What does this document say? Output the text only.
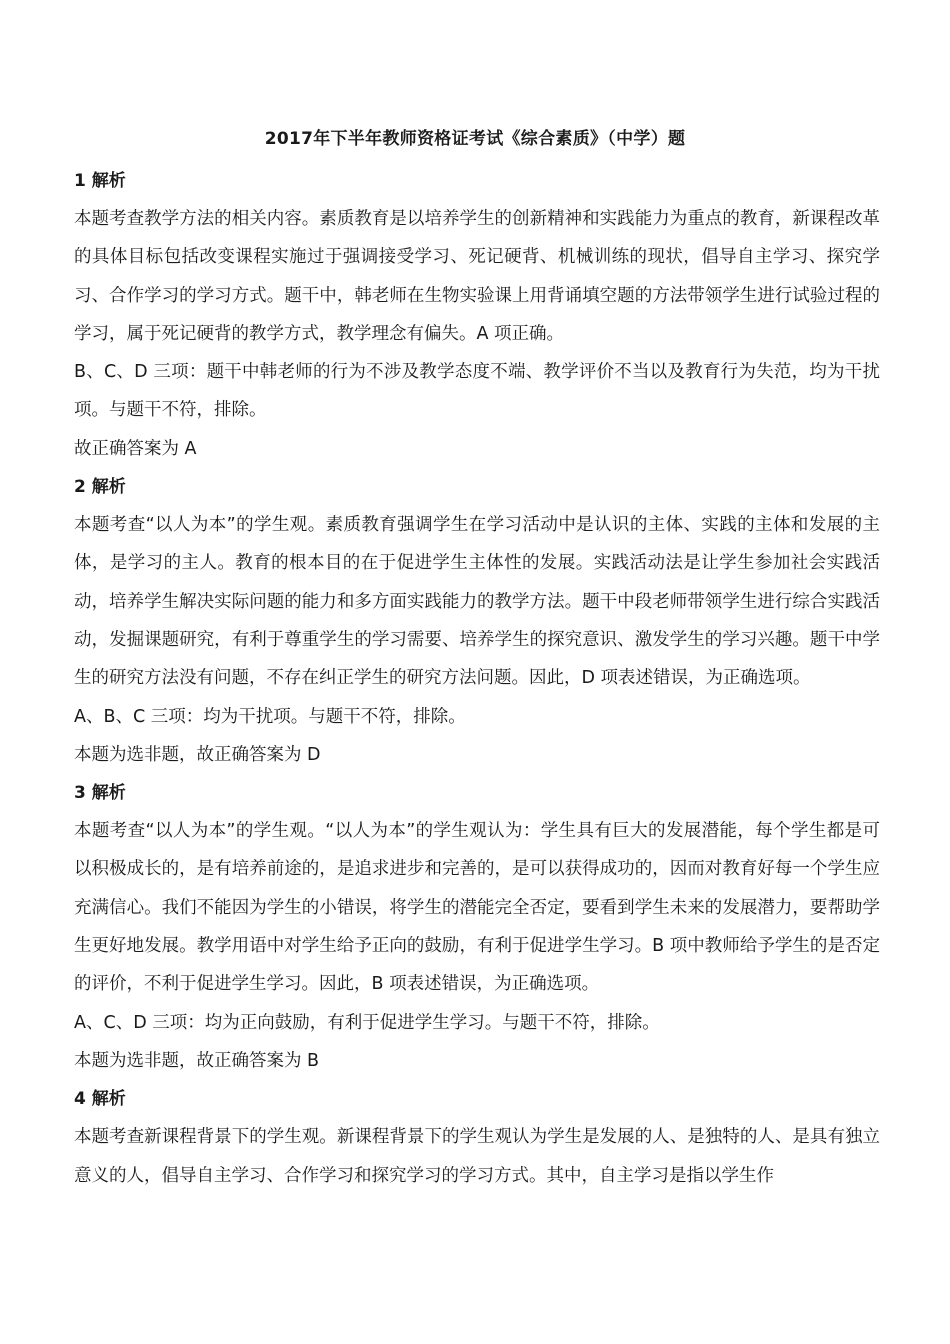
2017年下半年教师资格证考试《综合素质》（中学）题
1 解析

本题考查教学方法的相关内容。素质教育是以培养学生的创新精神和实践能力为重点的教育，新课程改革的具体目标包括改变课程实施过于强调接受学习、死记硬背、机械训练的现状，倡导自主学习、探究学习、合作学习的学习方式。题干中，韩老师在生物实验课上用背诵填空题的方法带领学生进行试验过程的学习，属于死记硬背的教学方式，教学理念有偏失。A 项正确。

B、C、D 三项：题干中韩老师的行为不涉及教学态度不端、教学评价不当以及教育行为失范，均为干扰项。与题干不符，排除。

故正确答案为 A

2 解析

本题考查“以人为本”的学生观。素质教育强调学生在学习活动中是认识的主体、实践的主体和发展的主体，是学习的主人。教育的根本目的在于促进学生主体性的发展。实践活动法是让学生参加社会实践活动，培养学生解决实际问题的能力和多方面实践能力的教学方法。题干中段老师带领学生进行综合实践活动，发掘课题研究，有利于尊重学生的学习需要、培养学生的探究意识、激发学生的学习兴趣。题干中学生的研究方法没有问题，不存在纠正学生的研究方法问题。因此，D 项表述错误，为正确选项。

A、B、C 三项：均为干扰项。与题干不符，排除。

本题为选非题，故正确答案为 D

3 解析

本题考查“以人为本”的学生观。“以人为本”的学生观认为：学生具有巨大的发展潜能，每个学生都是可以积极成长的，是有培养前途的，是追求进步和完善的，是可以获得成功的，因而对教育好每一个学生应充满信心。我们不能因为学生的小错误，将学生的潜能完全否定，要看到学生未来的发展潜力，要帮助学生更好地发展。教学用语中对学生给予正向的鼓励，有利于促进学生学习。B 项中教师给予学生的是否定的评价，不利于促进学生学习。因此，B 项表述错误，为正确选项。

A、C、D 三项：均为正向鼓励，有利于促进学生学习。与题干不符，排除。

本题为选非题，故正确答案为 B

4 解析

本题考查新课程背景下的学生观。新课程背景下的学生观认为学生是发展的人、是独特的人、是具有独立意义的人，倡导自主学习、合作学习和探究学习的学习方式。其中，自主学习是指以学生作
